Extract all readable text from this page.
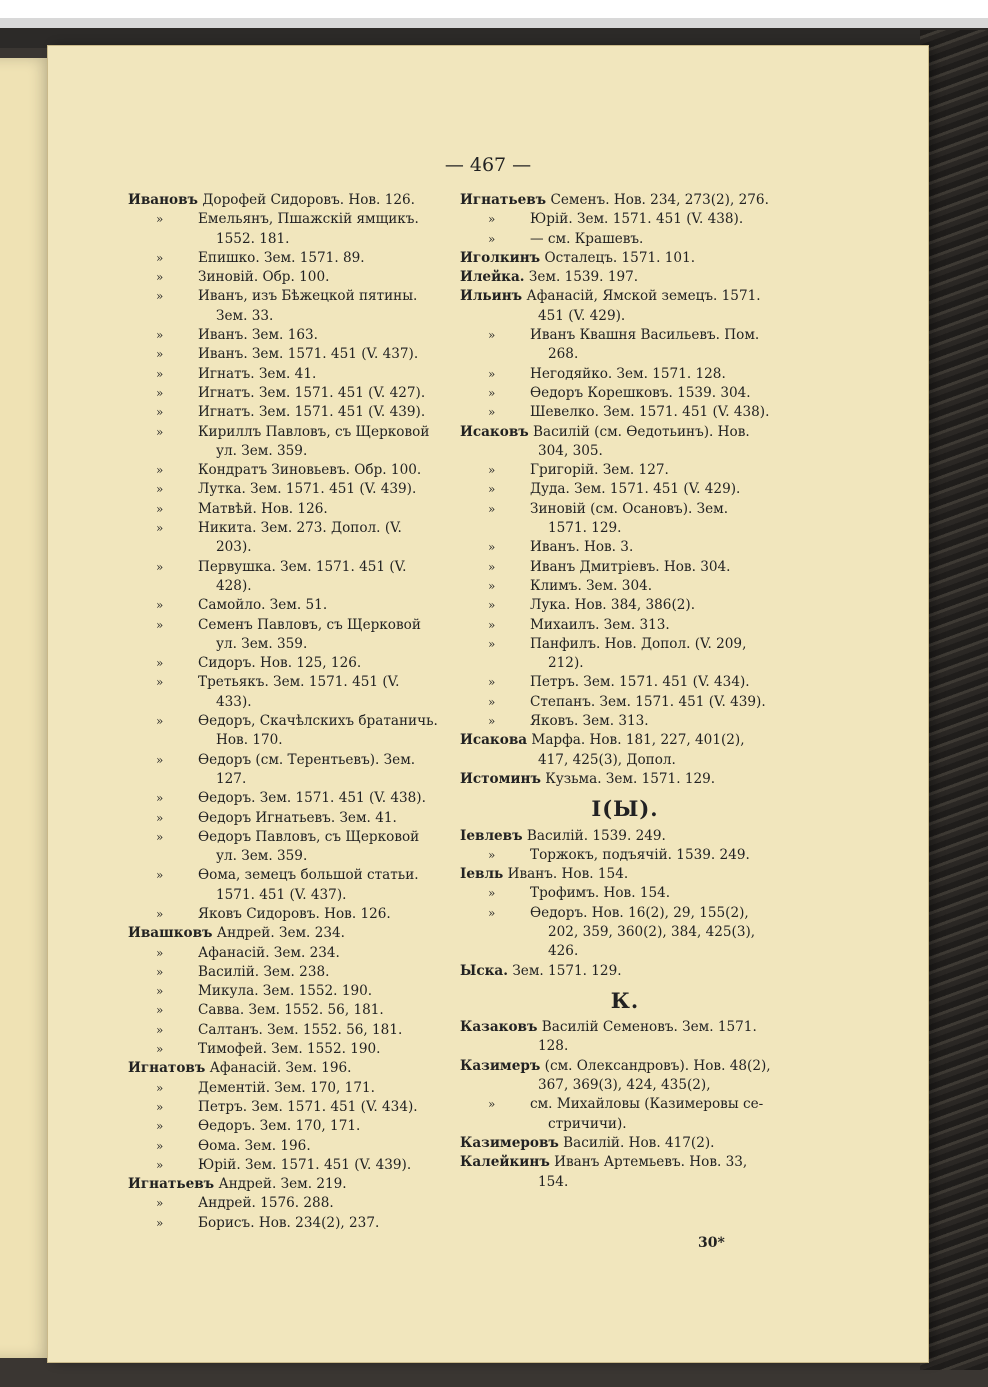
— 467 —
Ивановъ Дорофей Сидоровъ. Нов. 126.
»	Емельянъ, Пшажскій ямщикъ.
1552. 181.
»	Епишко. Зем. 1571. 89.
»	Зиновій. Обр. 100.
»	Иванъ, изъ Бѣжецкой пятины.
Зем. 33.
»	Иванъ. Зем. 163.
»	Иванъ. Зем. 1571. 451 (V. 437).
»	Игнатъ. Зем. 41.
»	Игнатъ. Зем. 1571. 451 (V. 427).
»	Игнатъ. Зем. 1571. 451 (V. 439).
»	Кириллъ Павловъ, съ Щерковой
ул. Зем. 359.
»	Кондратъ Зиновьевъ. Обр. 100.
»	Лутка. Зем. 1571. 451 (V. 439).
»	Матвѣй. Нов. 126.
»	Никита. Зем. 273. Допол. (V.
203).
»	Первушка. Зем. 1571. 451 (V.
428).
»	Самойло. Зем. 51.
»	Семенъ Павловъ, съ Щерковой
ул. Зем. 359.
»	Сидоръ. Нов. 125, 126.
»	Третьякъ. Зем. 1571. 451 (V.
433).
»	Ѳедоръ, Скачѣлскихъ братаничь.
Нов. 170.
»	Ѳедоръ (см. Терентьевъ). Зем.
127.
»	Ѳедоръ. Зем. 1571. 451 (V. 438).
»	Ѳедоръ Игнатьевъ. Зем. 41.
»	Ѳедоръ Павловъ, съ Щерковой
ул. Зем. 359.
»	Ѳома, земецъ большой статьи.
1571. 451 (V. 437).
»	Яковъ Сидоровъ. Нов. 126.
Ивашковъ Андрей. Зем. 234.
»	Афанасій. Зем. 234.
»	Василій. Зем. 238.
»	Микула. Зем. 1552. 190.
»	Савва. Зем. 1552. 56, 181.
»	Салтанъ. Зем. 1552. 56, 181.
»	Тимофей. Зем. 1552. 190.
Игнатовъ Афанасій. Зем. 196.
»	Дементій. Зем. 170, 171.
»	Петръ. Зем. 1571. 451 (V. 434).
»	Ѳедоръ. Зем. 170, 171.
»	Ѳома. Зем. 196.
»	Юрій. Зем. 1571. 451 (V. 439).
Игнатьевъ Андрей. Зем. 219.
»	Андрей. 1576. 288.
»	Борисъ. Нов. 234(2), 237.
Игнатьевъ Семенъ. Нов. 234, 273(2), 276.
»	Юрій. Зем. 1571. 451 (V. 438).
»	— см. Крашевъ.
Иголкинъ Осталецъ. 1571. 101.
Илейка. Зем. 1539. 197.
Ильинъ Афанасій, Ямской земецъ. 1571.
451 (V. 429).
»	Иванъ Квашня Васильевъ. Пом.
268.
»	Негодяйко. Зем. 1571. 128.
»	Ѳедоръ Корешковъ. 1539. 304.
»	Шевелко. Зем. 1571. 451 (V. 438).
Исаковъ Василій (см. Ѳедотьинъ). Нов.
304, 305.
»	Григорій. Зем. 127.
»	Дуда. Зем. 1571. 451 (V. 429).
»	Зиновій (см. Осановъ). Зем.
1571. 129.
»	Иванъ. Нов. 3.
»	Иванъ Дмитріевъ. Нов. 304.
»	Климъ. Зем. 304.
»	Лука. Нов. 384, 386(2).
»	Михаилъ. Зем. 313.
»	Панфилъ. Нов. Допол. (V. 209,
212).
»	Петръ. Зем. 1571. 451 (V. 434).
»	Степанъ. Зем. 1571. 451 (V. 439).
»	Яковъ. Зем. 313.
Исакова Марфа. Нов. 181, 227, 401(2),
417, 425(3), Допол.
Истоминъ Кузьма. Зем. 1571. 129.
I(Ы).
Іевлевъ Василій. 1539. 249.
»	Торжокъ, подъячій. 1539. 249.
Іевль Иванъ. Нов. 154.
»	Трофимъ. Нов. 154.
»	Ѳедоръ. Нов. 16(2), 29, 155(2),
202, 359, 360(2), 384, 425(3),
426.
Ыска. Зем. 1571. 129.
К.
Казаковъ Василій Семеновъ. Зем. 1571.
128.
Казимеръ (см. Олександровъ). Нов. 48(2),
367, 369(3), 424, 435(2),
»	см. Михайловы (Казимеровы се-
стричичи).
Казимеровъ Василій. Нов. 417(2).
Калейкинъ Иванъ Артемьевъ. Нов. 33,
154.
30*
